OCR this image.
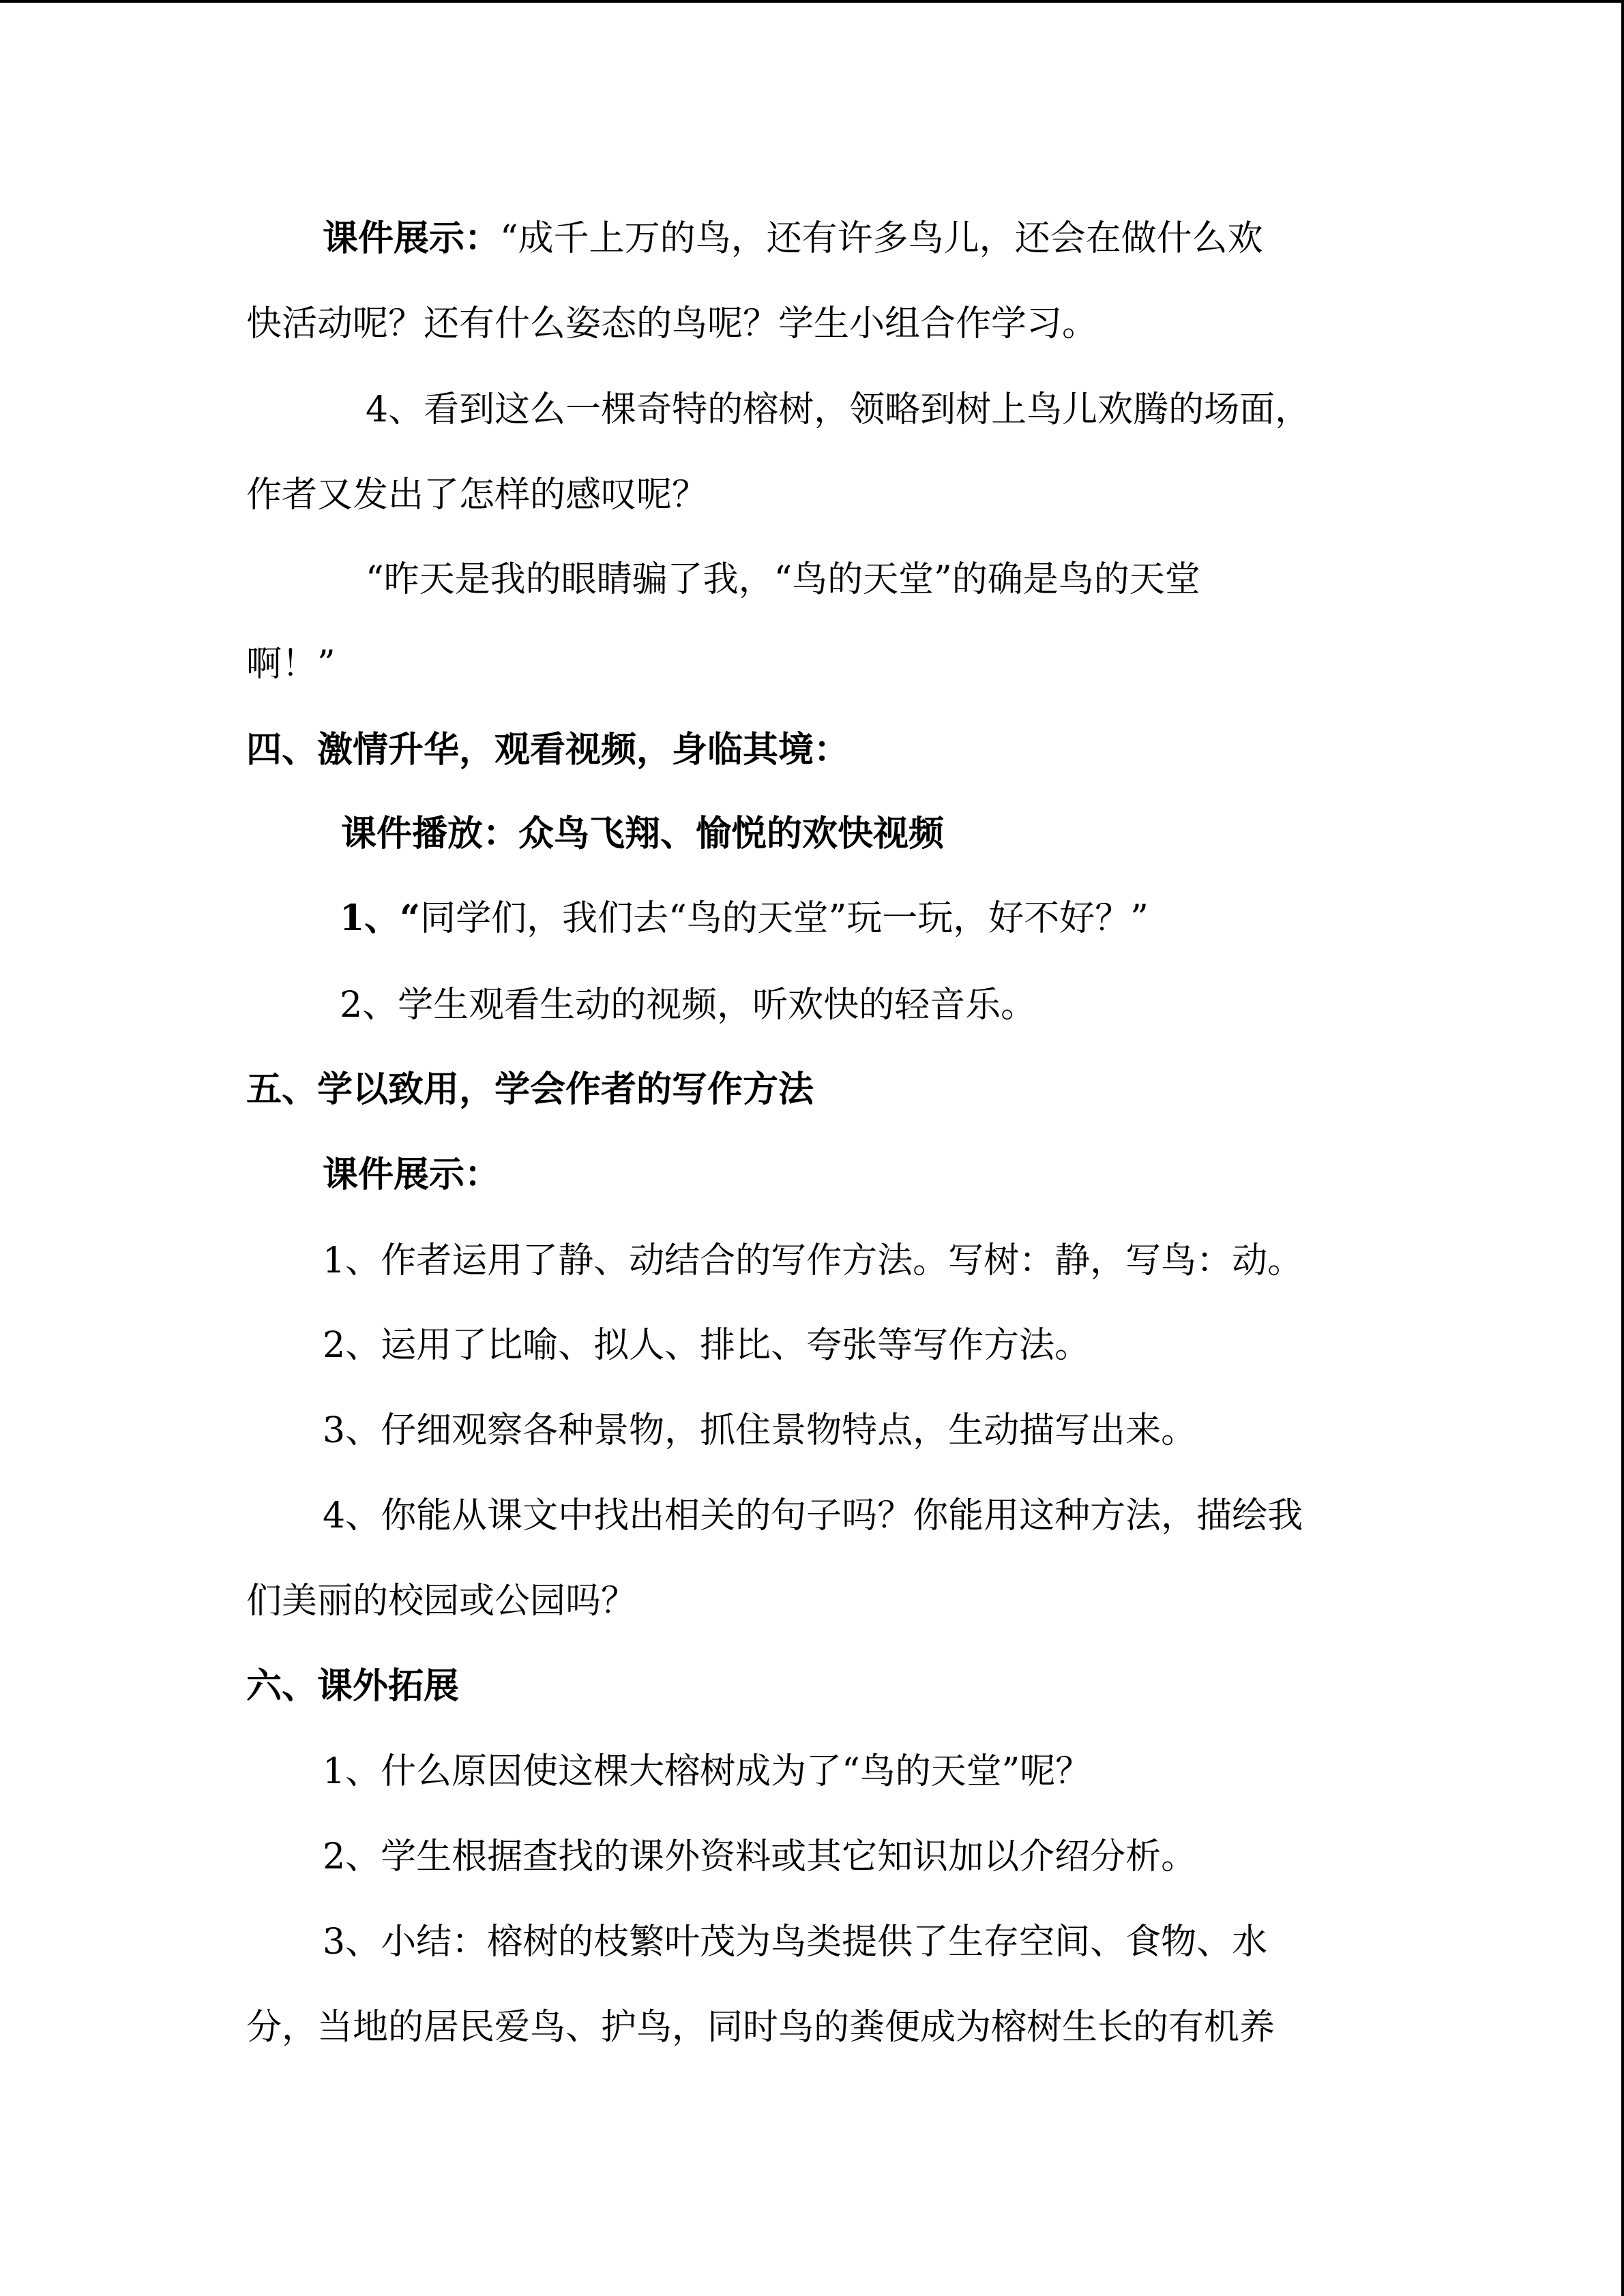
课件展示：“成千上万的鸟，还有许多鸟儿，还会在做什么欢
快活动呢？还有什么姿态的鸟呢？学生小组合作学习。
4、看到这么一棵奇特的榕树，领略到树上鸟儿欢腾的场面，
作者又发出了怎样的感叹呢？
“昨天是我的眼睛骗了我，“鸟的天堂”的确是鸟的天堂
啊！”
四、激情升华，观看视频，身临其境：
课件播放：众鸟飞翔、愉悦的欢快视频
1、“同学们，我们去“鸟的天堂”玩一玩，好不好？”
2、学生观看生动的视频，听欢快的轻音乐。
五、学以致用，学会作者的写作方法
课件展示：
1、作者运用了静、动结合的写作方法。写树：静，写鸟：动。
2、运用了比喻、拟人、排比、夸张等写作方法。
3、仔细观察各种景物，抓住景物特点，生动描写出来。
4、你能从课文中找出相关的句子吗？你能用这种方法，描绘我
们美丽的校园或公园吗？
六、课外拓展
1、什么原因使这棵大榕树成为了“鸟的天堂”呢？
2、学生根据查找的课外资料或其它知识加以介绍分析。
3、小结：榕树的枝繁叶茂为鸟类提供了生存空间、食物、水
分，当地的居民爱鸟、护鸟，同时鸟的粪便成为榕树生长的有机养
